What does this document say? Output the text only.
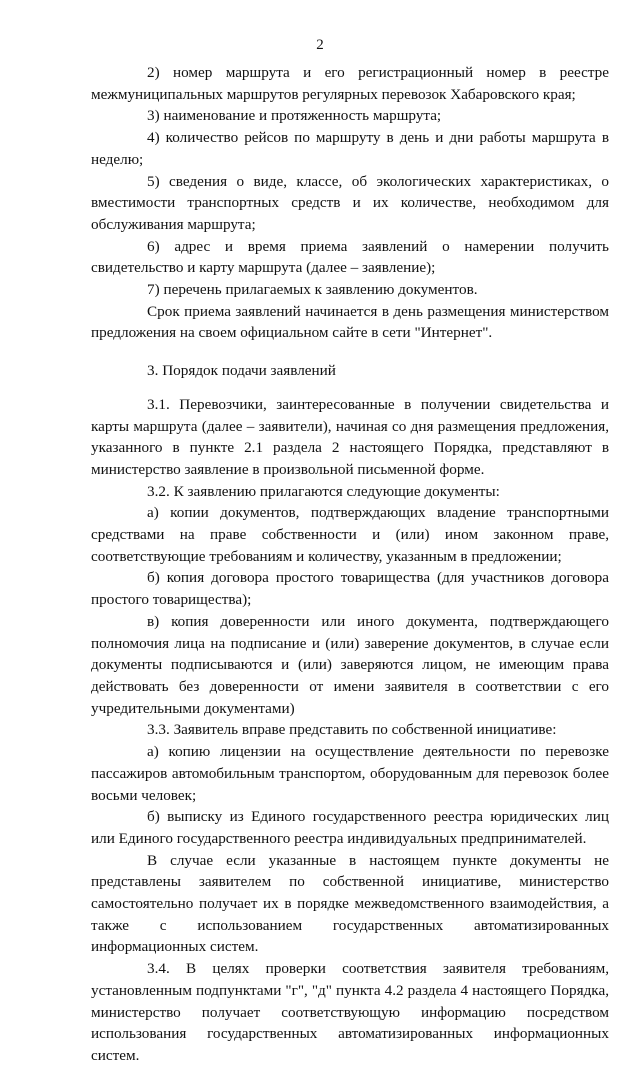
2

2) номер маршрута и его регистрационный номер в реестре межмуниципальных маршрутов регулярных перевозок Хабаровского края;

3) наименование и протяженность маршрута;

4) количество рейсов по маршруту в день и дни работы маршрута в неделю;

5) сведения о виде, классе, об экологических характеристиках, о вместимости транспортных средств и их количестве, необходимом для обслуживания маршрута;

6) адрес и время приема заявлений о намерении получить свидетельство и карту маршрута (далее – заявление);

7) перечень прилагаемых к заявлению документов.

Срок приема заявлений начинается в день размещения министерством предложения на своем официальном сайте в сети "Интернет".

3. Порядок подачи заявлений

3.1. Перевозчики, заинтересованные в получении свидетельства и карты маршрута (далее – заявители), начиная со дня размещения предложения, указанного в пункте 2.1 раздела 2 настоящего Порядка, представляют в министерство заявление в произвольной письменной форме.

3.2. К заявлению прилагаются следующие документы:

а) копии документов, подтверждающих владение транспортными средствами на праве собственности и (или) ином законном праве, соответствующие требованиям и количеству, указанным в предложении;

б) копия договора простого товарищества (для участников договора простого товарищества);

в) копия доверенности или иного документа, подтверждающего полномочия лица на подписание и (или) заверение документов, в случае если документы подписываются и (или) заверяются лицом, не имеющим права действовать без доверенности от имени заявителя в соответствии с его учредительными документами)

3.3. Заявитель вправе представить по собственной инициативе:

а) копию лицензии на осуществление деятельности по перевозке пассажиров автомобильным транспортом, оборудованным для перевозок более восьми человек;

б) выписку из Единого государственного реестра юридических лиц или Единого государственного реестра индивидуальных предпринимателей.

В случае если указанные в настоящем пункте документы не представлены заявителем по собственной инициативе, министерство самостоятельно получает их в порядке межведомственного взаимодействия, а также с использованием государственных автоматизированных информационных систем.

3.4. В целях проверки соответствия заявителя требованиям, установленным подпунктами "г", "д" пункта 4.2 раздела 4 настоящего Порядка, министерство получает соответствующую информацию посредством использования государственных автоматизированных информационных систем.
